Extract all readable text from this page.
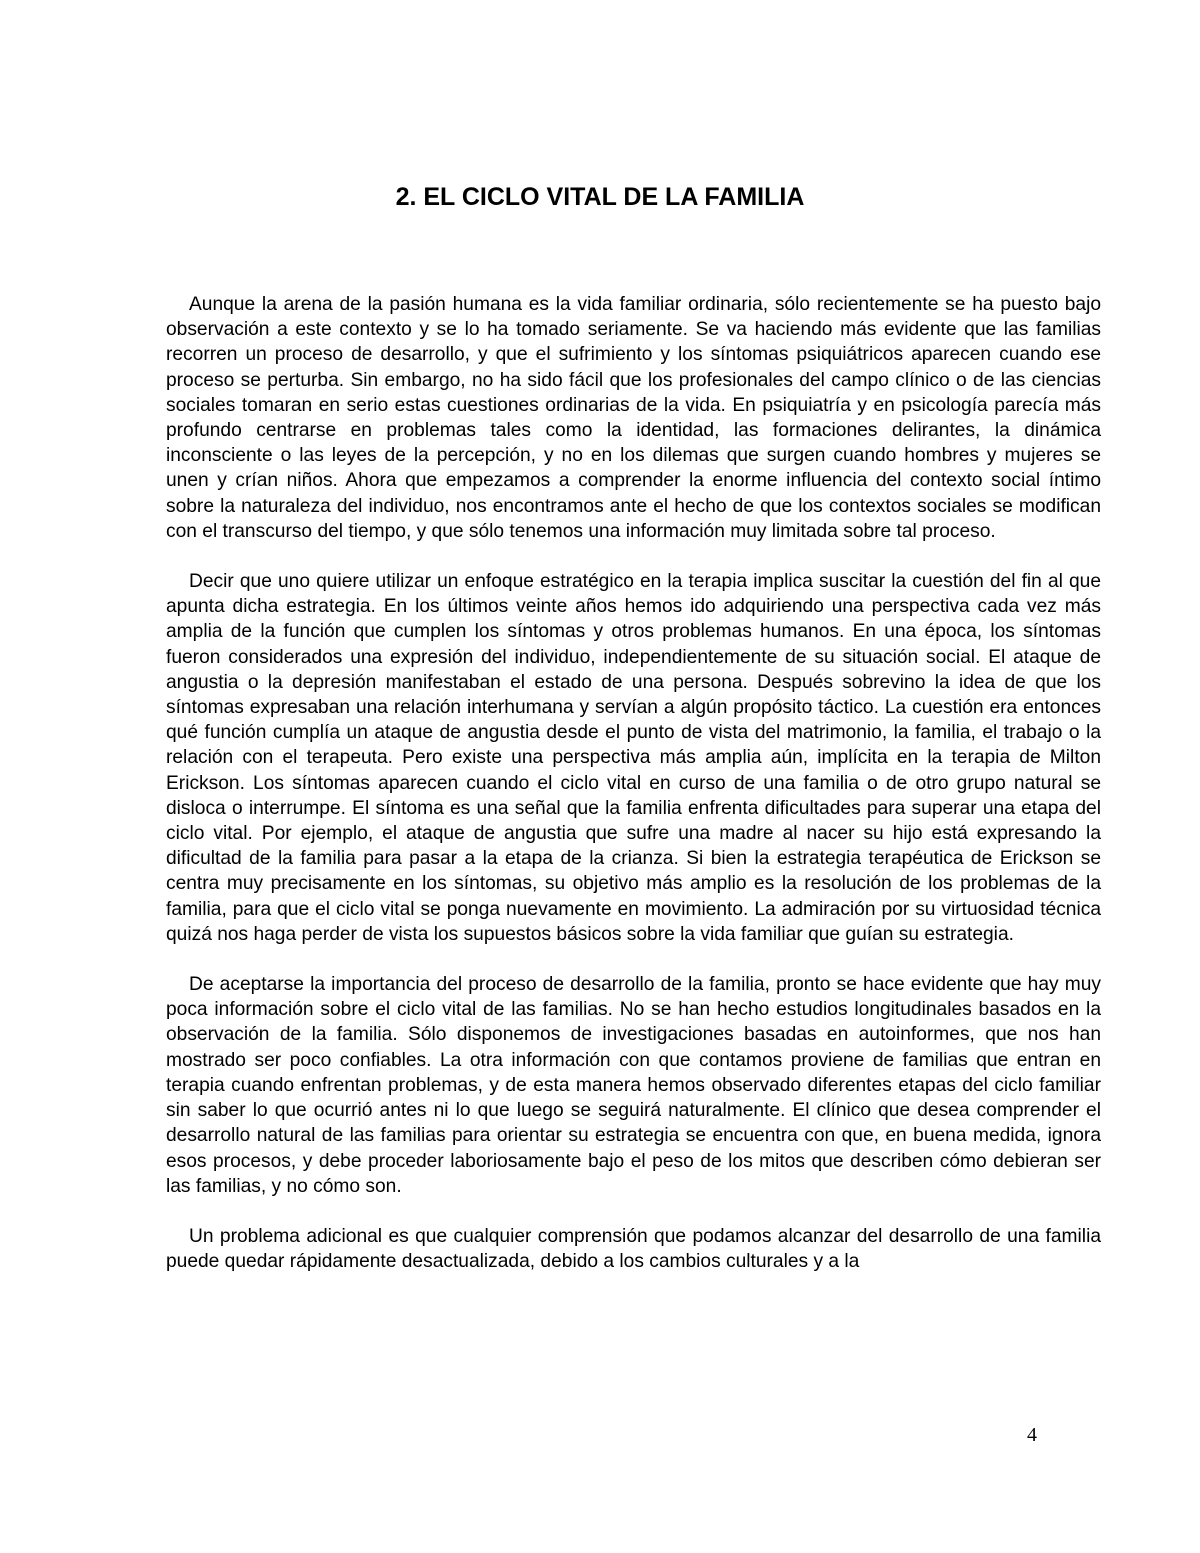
2. EL CICLO VITAL DE LA FAMILIA

Aunque la arena de la pasión humana es la vida familiar ordinaria, sólo recientemente se ha puesto bajo observación a este contexto y se lo ha tomado seriamente. Se va haciendo más evidente que las familias recorren un proceso de desarrollo, y que el sufrimiento y los síntomas psiquiátricos aparecen cuando ese proceso se perturba. Sin embargo, no ha sido fácil que los profesionales del campo clínico o de las ciencias sociales tomaran en serio estas cuestiones ordinarias de la vida. En psiquiatría y en psicología parecía más profundo centrarse en problemas tales como la identidad, las formaciones delirantes, la dinámica inconsciente o las leyes de la percepción, y no en los dilemas que surgen cuando hombres y mujeres se unen y crían niños. Ahora que empezamos a comprender la enorme influencia del contexto social íntimo sobre la naturaleza del individuo, nos encontramos ante el hecho de que los contextos sociales se modifican con el transcurso del tiempo, y que sólo tenemos una información muy limitada sobre tal proceso.

Decir que uno quiere utilizar un enfoque estratégico en la terapia implica suscitar la cuestión del fin al que apunta dicha estrategia. En los últimos veinte años hemos ido adquiriendo una perspectiva cada vez más amplia de la función que cumplen los síntomas y otros problemas humanos. En una época, los síntomas fueron considerados una expresión del individuo, independientemente de su situación social. El ataque de angustia o la depresión manifestaban el estado de una persona. Después sobrevino la idea de que los síntomas expresaban una relación interhumana y servían a algún propósito táctico. La cuestión era entonces qué función cumplía un ataque de angustia desde el punto de vista del matrimonio, la familia, el trabajo o la relación con el terapeuta. Pero existe una perspectiva más amplia aún, implícita en la terapia de Milton Erickson. Los síntomas aparecen cuando el ciclo vital en curso de una familia o de otro grupo natural se disloca o interrumpe. El síntoma es una señal que la familia enfrenta dificultades para superar una etapa del ciclo vital. Por ejemplo, el ataque de angustia que sufre una madre al nacer su hijo está expresando la dificultad de la familia para pasar a la etapa de la crianza. Si bien la estrategia terapéutica de Erickson se centra muy precisamente en los síntomas, su objetivo más amplio es la resolución de los problemas de la familia, para que el ciclo vital se ponga nuevamente en movimiento. La admiración por su virtuosidad técnica quizá nos haga perder de vista los supuestos básicos sobre la vida familiar que guían su estrategia.

De aceptarse la importancia del proceso de desarrollo de la familia, pronto se hace evidente que hay muy poca información sobre el ciclo vital de las familias. No se han hecho estudios longitudinales basados en la observación de la familia. Sólo disponemos de investigaciones basadas en autoinformes, que nos han mostrado ser poco confiables. La otra información con que contamos proviene de familias que entran en terapia cuando enfrentan problemas, y de esta manera hemos observado diferentes etapas del ciclo familiar sin saber lo que ocurrió antes ni lo que luego se seguirá naturalmente. El clínico que desea comprender el desarrollo natural de las familias para orientar su estrategia se encuentra con que, en buena medida, ignora esos procesos, y debe proceder laboriosamente bajo el peso de los mitos que describen cómo debieran ser las familias, y no cómo son.

Un problema adicional es que cualquier comprensión que podamos alcanzar del desarrollo de una familia puede quedar rápidamente desactualizada, debido a los cambios culturales y a la

4
